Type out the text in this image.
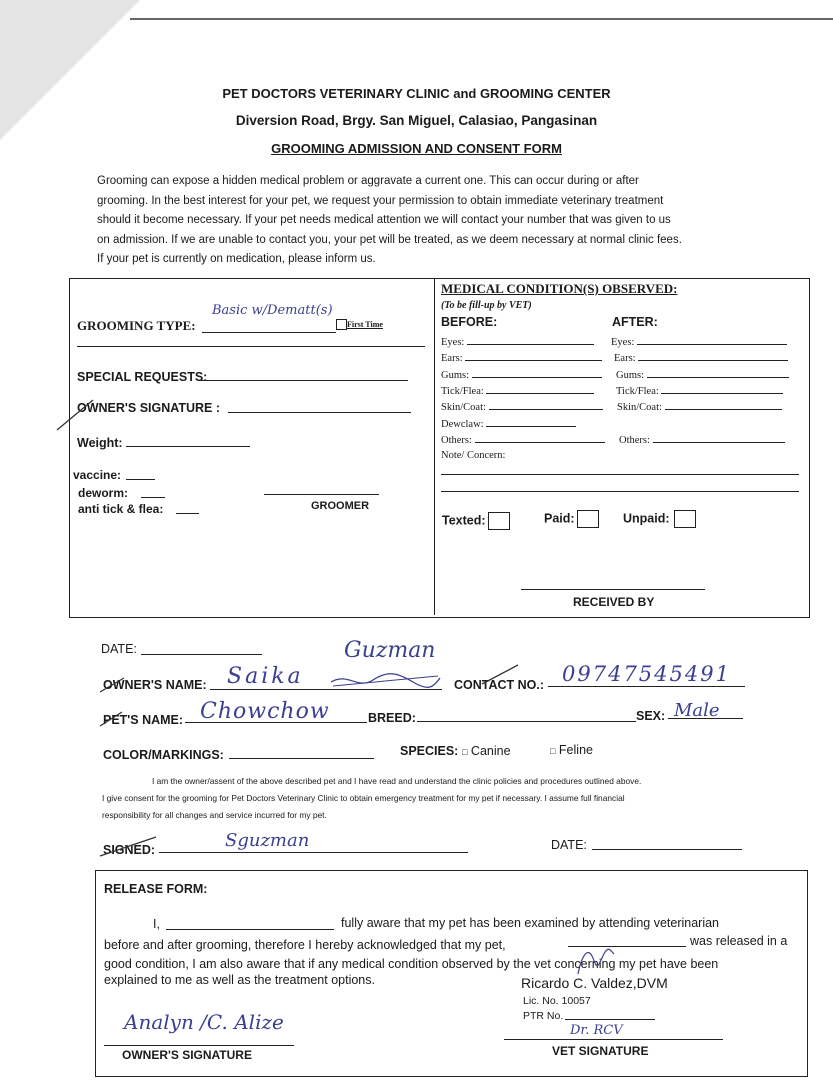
PET DOCTORS VETERINARY CLINIC and GROOMING CENTER
Diversion Road, Brgy. San Miguel, Calasiao, Pangasinan
GROOMING ADMISSION AND CONSENT FORM
Grooming can expose a hidden medical problem or aggravate a current one. This can occur during or after
grooming. In the best interest for your pet, we request your permission to obtain immediate veterinary treatment
should it become necessary. If your pet needs medical attention we will contact your number that was given to us
on admission. If we are unable to contact you, your pet will be treated, as we deem necessary at normal clinic fees.
If your pet is currently on medication, please inform us.
GROOMING TYPE:
Basic w/Dematt(s)
First Time
SPECIAL REQUESTS:
OWNER'S SIGNATURE :
Weight:
vaccine:
deworm:
anti tick & flea:	GROOMER
MEDICAL CONDITION(S) OBSERVED:
(To be fill-up by VET)
BEFORE:	AFTER:
Eyes:	Eyes:
Ears:	Ears:
Gums:	Gums:
Tick/Flea:	Tick/Flea:
Skin/Coat:	Skin/Coat:
Dewclaw:
Others:	Others:
Note/ Concern:
Texted:	Paid:	Unpaid:
RECEIVED BY
DATE:	Guzman
OWNER'S NAME: Saika	CONTACT NO.: 09747545491
PET'S NAME: Chowchow	BREED:	SEX: Male
COLOR/MARKINGS:	SPECIES: □ Canine	□ Feline
I am the owner/assent of the above described pet and I have read and understand the clinic policies and procedures outlined above.
I give consent for the grooming for Pet Doctors Veterinary Clinic to obtain emergency treatment for my pet if necessary. I assume full financial
responsibility for all changes and service incurred for my pet.
SIGNED:	Sguzman	DATE:
RELEASE FORM:
I,	fully aware that my pet has been examined by attending veterinarian
before and after grooming, therefore I hereby acknowledged that my pet,	was released in a
good condition, I am also aware that if any medical condition observed by the vet concerning my pet have been
explained to me as well as the treatment options.	Ricardo C. Valdez,DVM
Lic. No. 10057
PTR No.
Analyn /C. Alize
OWNER'S SIGNATURE
Dr. RCV
VET SIGNATURE
